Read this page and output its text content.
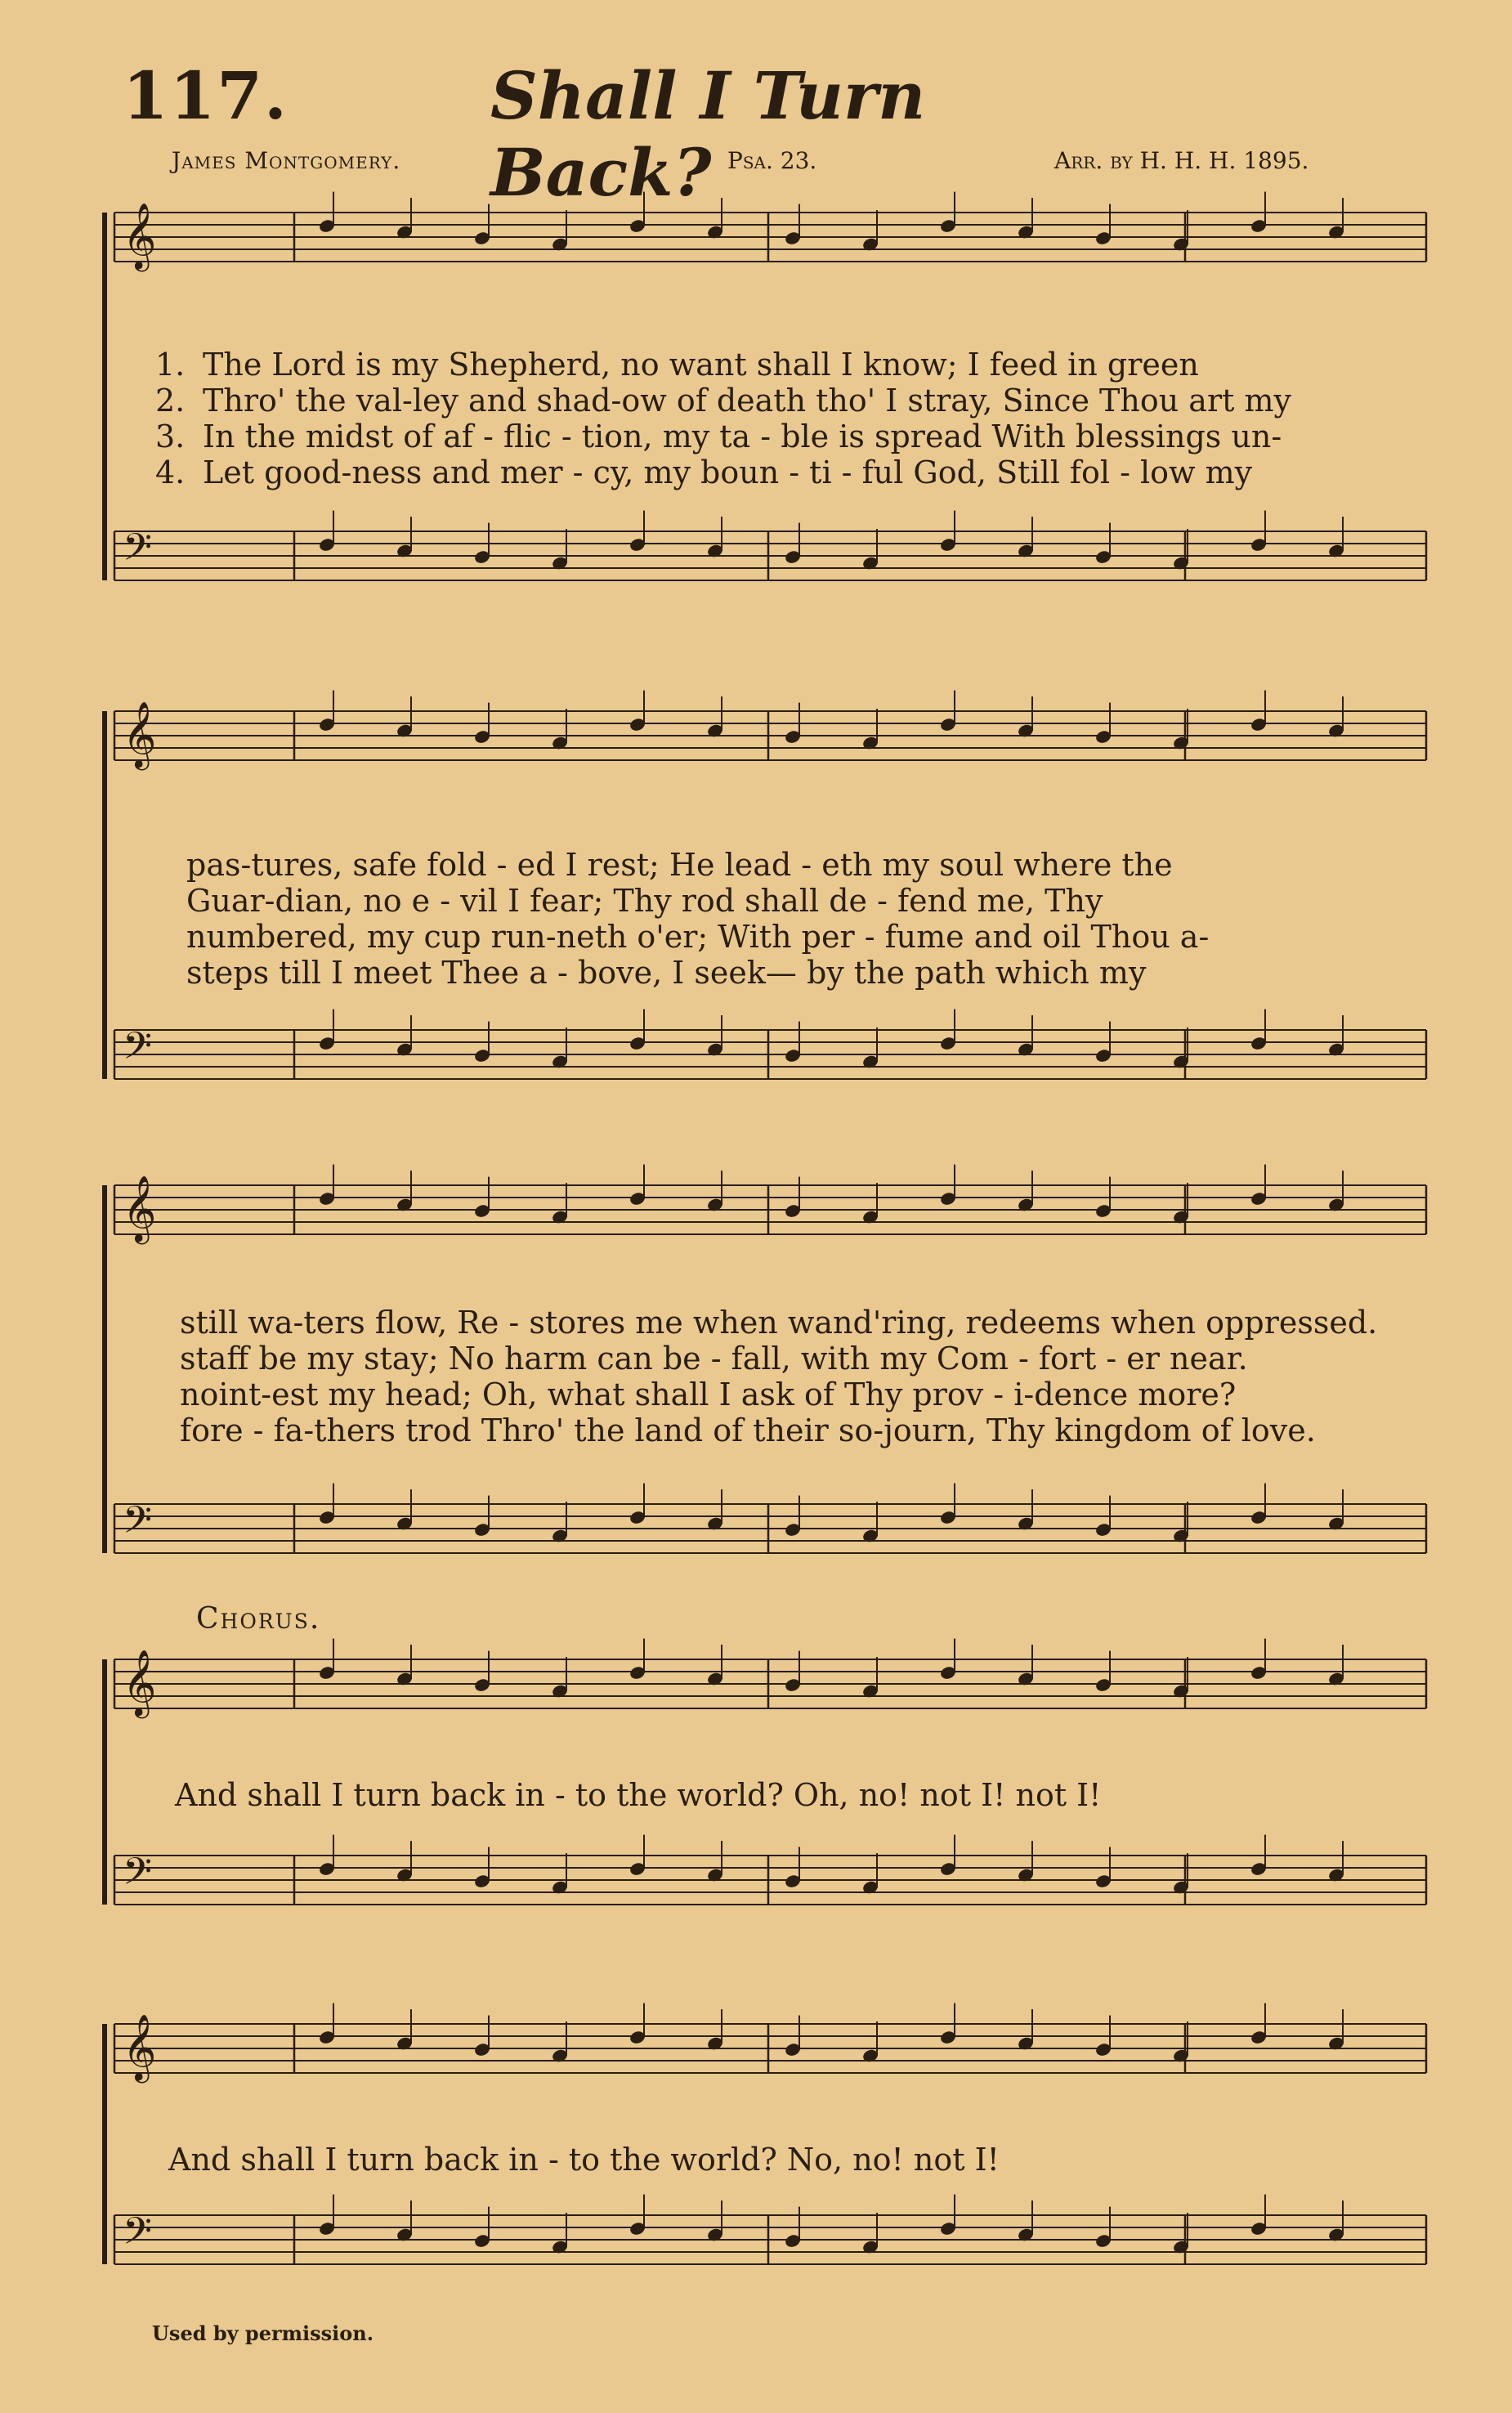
117.	Shall I Turn Back?
James Montgomery.	Psa. 23.	Arr. by H. H. H. 1895.
𝄞
𝄢
1. The Lord is my Shepherd, no want shall I know; I feed in green
2. Thro' the val-ley and shad-ow of death tho' I stray, Since Thou art my
3. In the midst of af - flic - tion, my ta - ble is spread With blessings un-
4. Let good-ness and mer - cy, my boun - ti - ful God, Still fol - low my
𝄞
𝄢
pas-tures, safe fold - ed I rest; He lead - eth my soul where the
Guar-dian, no e - vil I fear; Thy rod shall de - fend me, Thy
numbered, my cup run-neth o'er; With per - fume and oil Thou a-
steps till I meet Thee a - bove, I seek— by the path which my
𝄞
𝄢
still wa-ters flow, Re - stores me when wand'ring, redeems when oppressed.
staff be my stay; No harm can be - fall, with my Com - fort - er near.
noint-est my head; Oh, what shall I ask of Thy prov - i-dence more?
fore - fa-thers trod Thro' the land of their so-journ, Thy kingdom of love.
Chorus.
𝄞
𝄢
And shall I turn back in - to the world? Oh, no! not I! not I!
𝄞
𝄢
And shall I turn back in - to the world? No, no! not I!
Used by permission.
